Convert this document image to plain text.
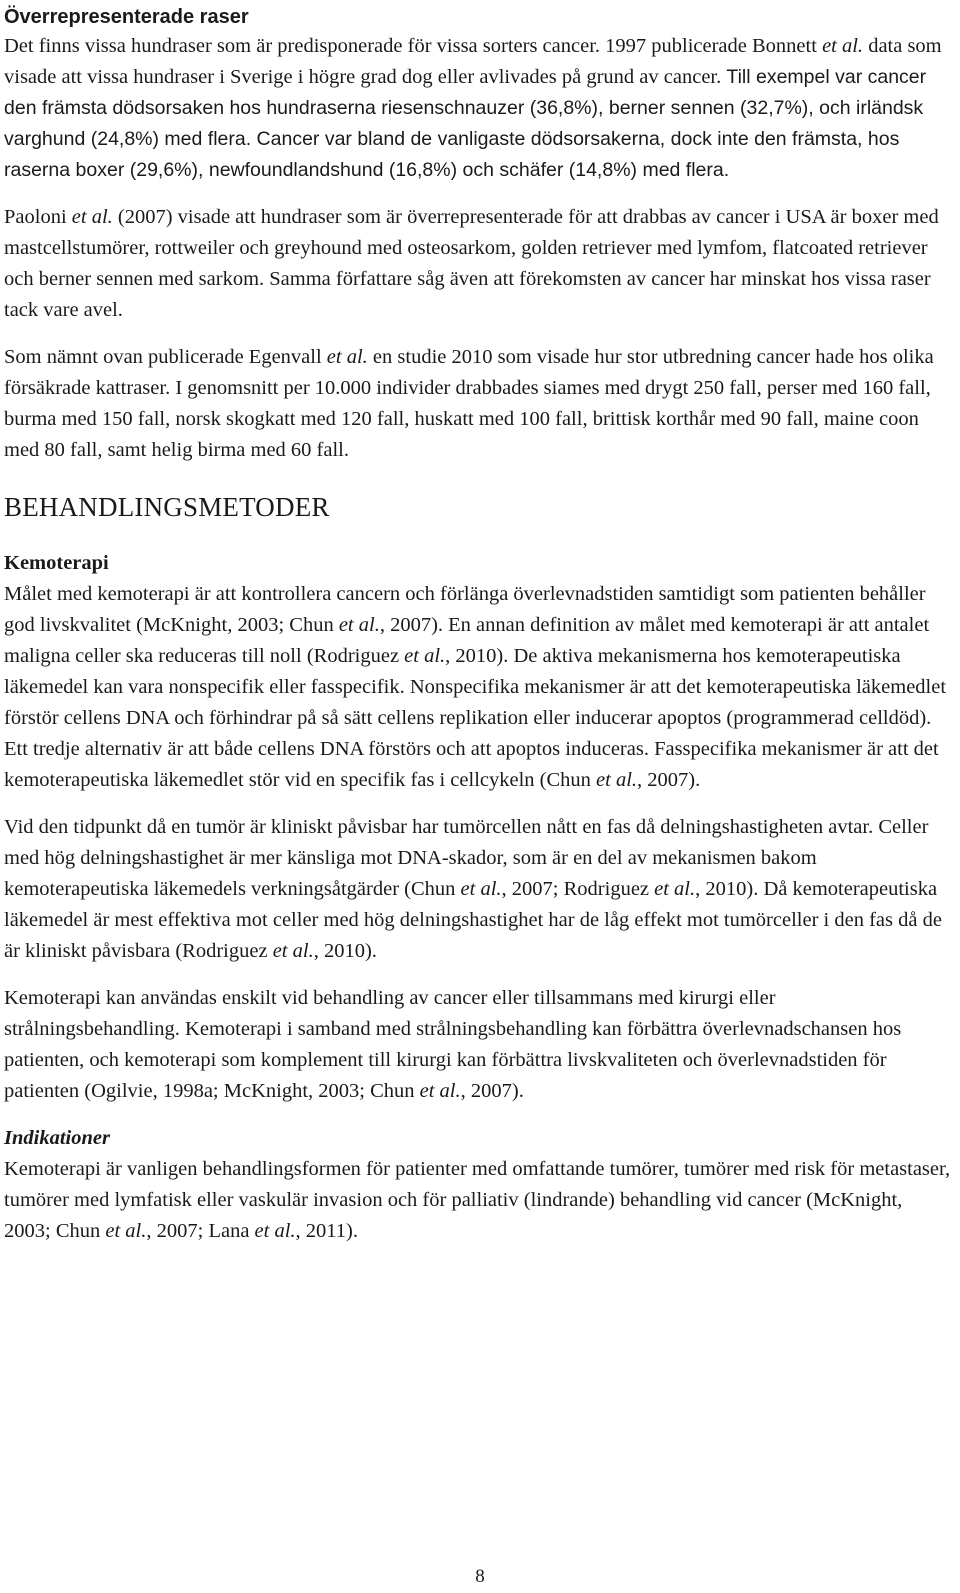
Överrepresenterade raser

Det finns vissa hundraser som är predisponerade för vissa sorters cancer. 1997 publicerade Bonnett et al. data som visade att vissa hundraser i Sverige i högre grad dog eller avlivades på grund av cancer. Till exempel var cancer den främsta dödsorsaken hos hundraserna riesenschnauzer (36,8%), berner sennen (32,7%), och irländsk varghund (24,8%) med flera. Cancer var bland de vanligaste dödsorsakerna, dock inte den främsta, hos raserna boxer (29,6%), newfoundlandshund (16,8%) och schäfer (14,8%) med flera.

Paoloni et al. (2007) visade att hundraser som är överrepresenterade för att drabbas av cancer i USA är boxer med mastcellstumörer, rottweiler och greyhound med osteosarkom, golden retriever med lymfom, flatcoated retriever och berner sennen med sarkom. Samma författare såg även att förekomsten av cancer har minskat hos vissa raser tack vare avel.

Som nämnt ovan publicerade Egenvall et al. en studie 2010 som visade hur stor utbredning cancer hade hos olika försäkrade kattraser. I genomsnitt per 10.000 individer drabbades siames med drygt 250 fall, perser med 160 fall, burma med 150 fall, norsk skogkatt med 120 fall, huskatt med 100 fall, brittisk korthår med 90 fall, maine coon med 80 fall, samt helig birma med 60 fall.

BEHANDLINGSMETODER
Kemoterapi

Målet med kemoterapi är att kontrollera cancern och förlänga överlevnadstiden samtidigt som patienten behåller god livskvalitet (McKnight, 2003; Chun et al., 2007). En annan definition av målet med kemoterapi är att antalet maligna celler ska reduceras till noll (Rodriguez et al., 2010). De aktiva mekanismerna hos kemoterapeutiska läkemedel kan vara nonspecifik eller fasspecifik. Nonspecifika mekanismer är att det kemoterapeutiska läkemedlet förstör cellens DNA och förhindrar på så sätt cellens replikation eller inducerar apoptos (programmerad celldöd). Ett tredje alternativ är att både cellens DNA förstörs och att apoptos induceras. Fasspecifika mekanismer är att det kemoterapeutiska läkemedlet stör vid en specifik fas i cellcykeln (Chun et al., 2007).

Vid den tidpunkt då en tumör är kliniskt påvisbar har tumörcellen nått en fas då delningshastigheten avtar. Celler med hög delningshastighet är mer känsliga mot DNA-skador, som är en del av mekanismen bakom kemoterapeutiska läkemedels verkningsåtgärder (Chun et al., 2007; Rodriguez et al., 2010). Då kemoterapeutiska läkemedel är mest effektiva mot celler med hög delningshastighet har de låg effekt mot tumörceller i den fas då de är kliniskt påvisbara (Rodriguez et al., 2010).

Kemoterapi kan användas enskilt vid behandling av cancer eller tillsammans med kirurgi eller strålningsbehandling. Kemoterapi i samband med strålningsbehandling kan förbättra överlevnadschansen hos patienten, och kemoterapi som komplement till kirurgi kan förbättra livskvaliteten och överlevnadstiden för patienten (Ogilvie, 1998a; McKnight, 2003; Chun et al., 2007).

Indikationer

Kemoterapi är vanligen behandlingsformen för patienter med omfattande tumörer, tumörer med risk för metastaser, tumörer med lymfatisk eller vaskulär invasion och för palliativ (lindrande) behandling vid cancer (McKnight, 2003; Chun et al., 2007; Lana et al., 2011).

8
